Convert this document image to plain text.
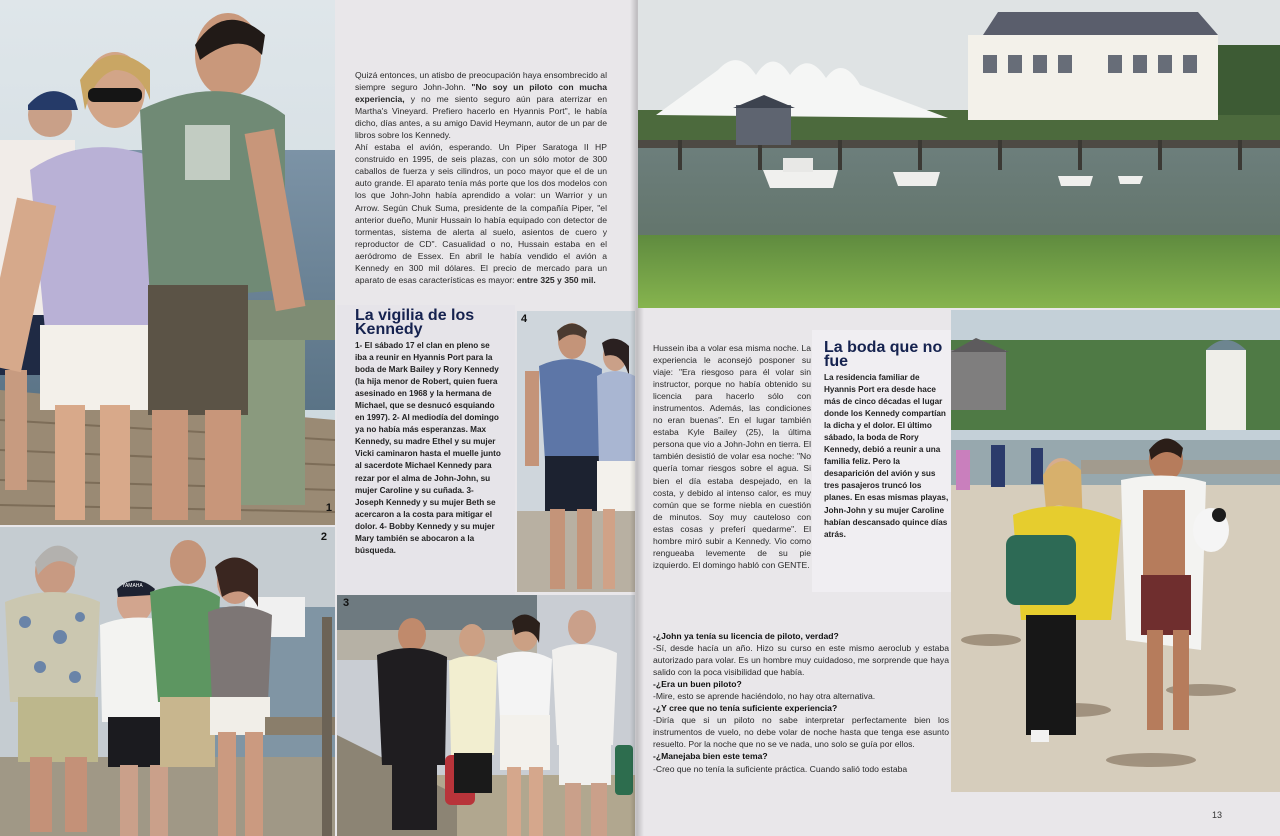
1
YAMAHA
2

Quizá entonces, un atisbo de preocupación haya ensombrecido al siempre seguro John-John. "No soy un piloto con mucha experiencia, y no me siento seguro aún para aterrizar en Martha's Vineyard. Prefiero hacerlo en Hyannis Port", le había dicho, días antes, a su amigo David Heymann, autor de un par de libros sobre los Kennedy.

Ahí estaba el avión, esperando. Un Piper Saratoga II HP construido en 1995, de seis plazas, con un sólo motor de 300 caballos de fuerza y seis cilindros, un poco mayor que el de un auto grande. El aparato tenía más porte que los dos modelos con los que John-John había aprendido a volar: un Warrior y un Arrow. Según Chuk Suma, presidente de la compañía Piper, "el anterior dueño, Munir Hussain lo había equipado con detector de tormentas, sistema de alerta al suelo, asientos de cuero y reproductor de CD". Casualidad o no, Hussain estaba en el aeródromo de Essex. En abril le había vendido el avión a Kennedy en 300 mil dólares. El precio de mercado para un aparato de esas características es mayor: entre 325 y 350 mil.

La vigilia de los Kennedy
1- El sábado 17 el clan en pleno se iba a reunir en Hyannis Port para la boda de Mark Bailey y Rory Kennedy (la hija menor de Robert, quien fuera asesinado en 1968 y la hermana de Michael, que se desnucó esquiando en 1997). 2- Al mediodía del domingo ya no había más esperanzas. Max Kennedy, su madre Ethel y su mujer Vicki caminaron hasta el muelle junto al sacerdote Michael Kennedy para rezar por el alma de John-John, su mujer Caroline y su cuñada. 3- Joseph Kennedy y su mujer Beth se acercaron a la costa para mitigar el dolor. 4- Bobby Kennedy y su mujer Mary también se abocaron a la búsqueda.
4
3
Hussein iba a volar esa misma noche. La experiencia le aconsejó posponer su viaje: "Era riesgoso para él volar sin instructor, porque no había obtenido su licencia para hacerlo sólo con instrumentos. Además, las condiciones no eran buenas". En el lugar también estaba Kyle Bailey (25), la última persona que vio a John-John en tierra. El también desistió de volar esa noche: "No quería tomar riesgos sobre el agua. Si bien el día estaba despejado, en la costa, y debido al intenso calor, es muy común que se forme niebla en cuestión de minutos. Soy muy cauteloso con estas cosas y preferí quedarme". El hombre miró subir a Kennedy. Vio como rengueaba levemente de su pie izquierdo. El domingo habló con GENTE.
La boda que no fue
La residencia familiar de Hyannis Port era desde hace más de cinco décadas el lugar donde los Kennedy compartían la dicha y el dolor. El último sábado, la boda de Rory Kennedy, debió a reunir a una familia feliz. Pero la desaparición del avión y sus tres pasajeros truncó los planes. En esas mismas playas, John-John y su mujer Caroline habían descansado quince días atrás.

-¿John ya tenía su licencia de piloto, verdad?

-Sí, desde hacía un año. Hizo su curso en este mismo aeroclub y estaba autorizado para volar. Es un hombre muy cuidadoso, me sorprende que haya salido con la poca visibilidad que había.

-¿Era un buen piloto?

-Mire, esto se aprende haciéndolo, no hay otra alternativa.

-¿Y cree que no tenía suficiente experiencia?

-Diría que si un piloto no sabe interpretar perfectamente bien los instrumentos de vuelo, no debe volar de noche hasta que tenga ese asunto resuelto. Por la noche que no se ve nada, uno solo se guía por ellos.

-¿Manejaba bien este tema?

-Creo que no tenía la suficiente práctica. Cuando salió todo estaba

13
